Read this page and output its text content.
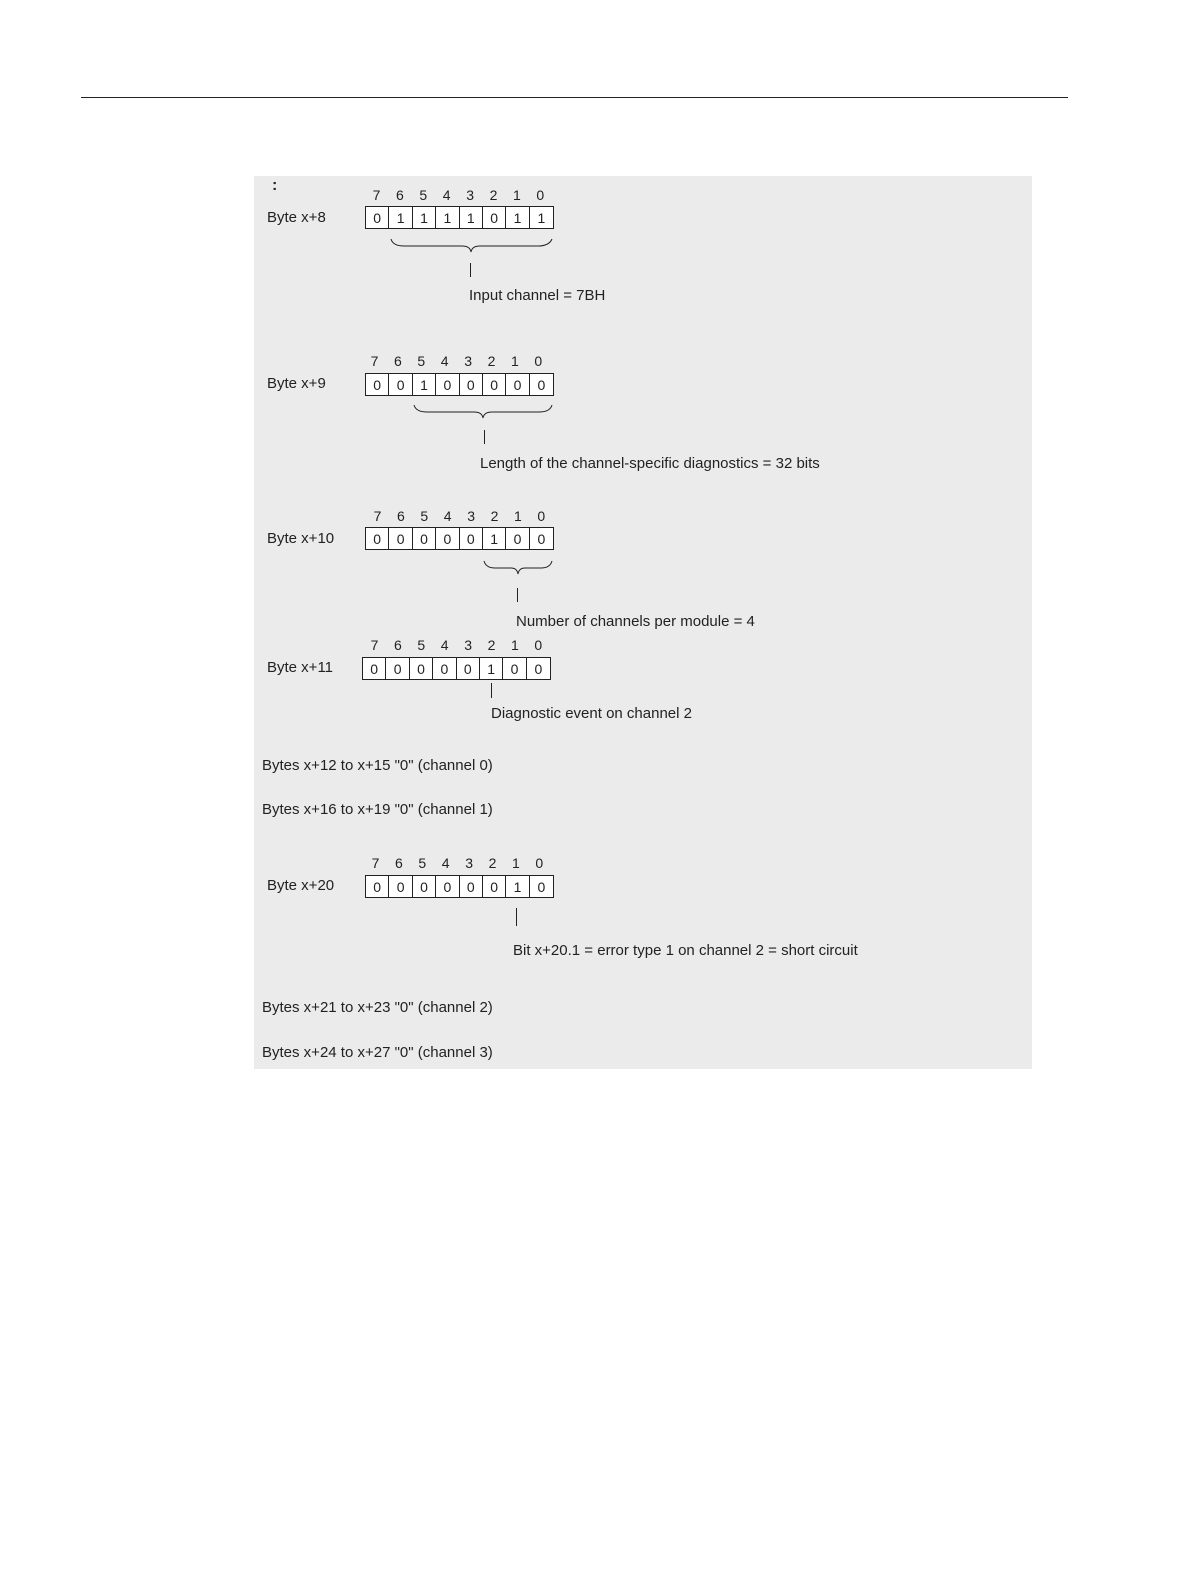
:
Byte x+8
7	6	5	4	3	2	1	0
0	1	1	1	1	0	1	1
Input channel = 7BH
Byte x+9
7	6	5	4	3	2	1	0
0	0	1	0	0	0	0	0
Length of the channel-specific diagnostics = 32 bits
Byte x+10
7	6	5	4	3	2	1	0
0	0	0	0	0	1	0	0
Number of channels per module = 4
Byte x+11
7	6	5	4	3	2	1	0
0	0	0	0	0	1	0	0
Diagnostic event on channel 2
Bytes x+12 to x+15 "0" (channel 0)
Bytes x+16 to x+19 "0" (channel 1)
Byte x+20
7	6	5	4	3	2	1	0
0	0	0	0	0	0	1	0
Bit x+20.1 = error type 1 on channel 2 = short circuit
Bytes x+21 to x+23 "0" (channel 2)
Bytes x+24 to x+27 "0" (channel 3)
